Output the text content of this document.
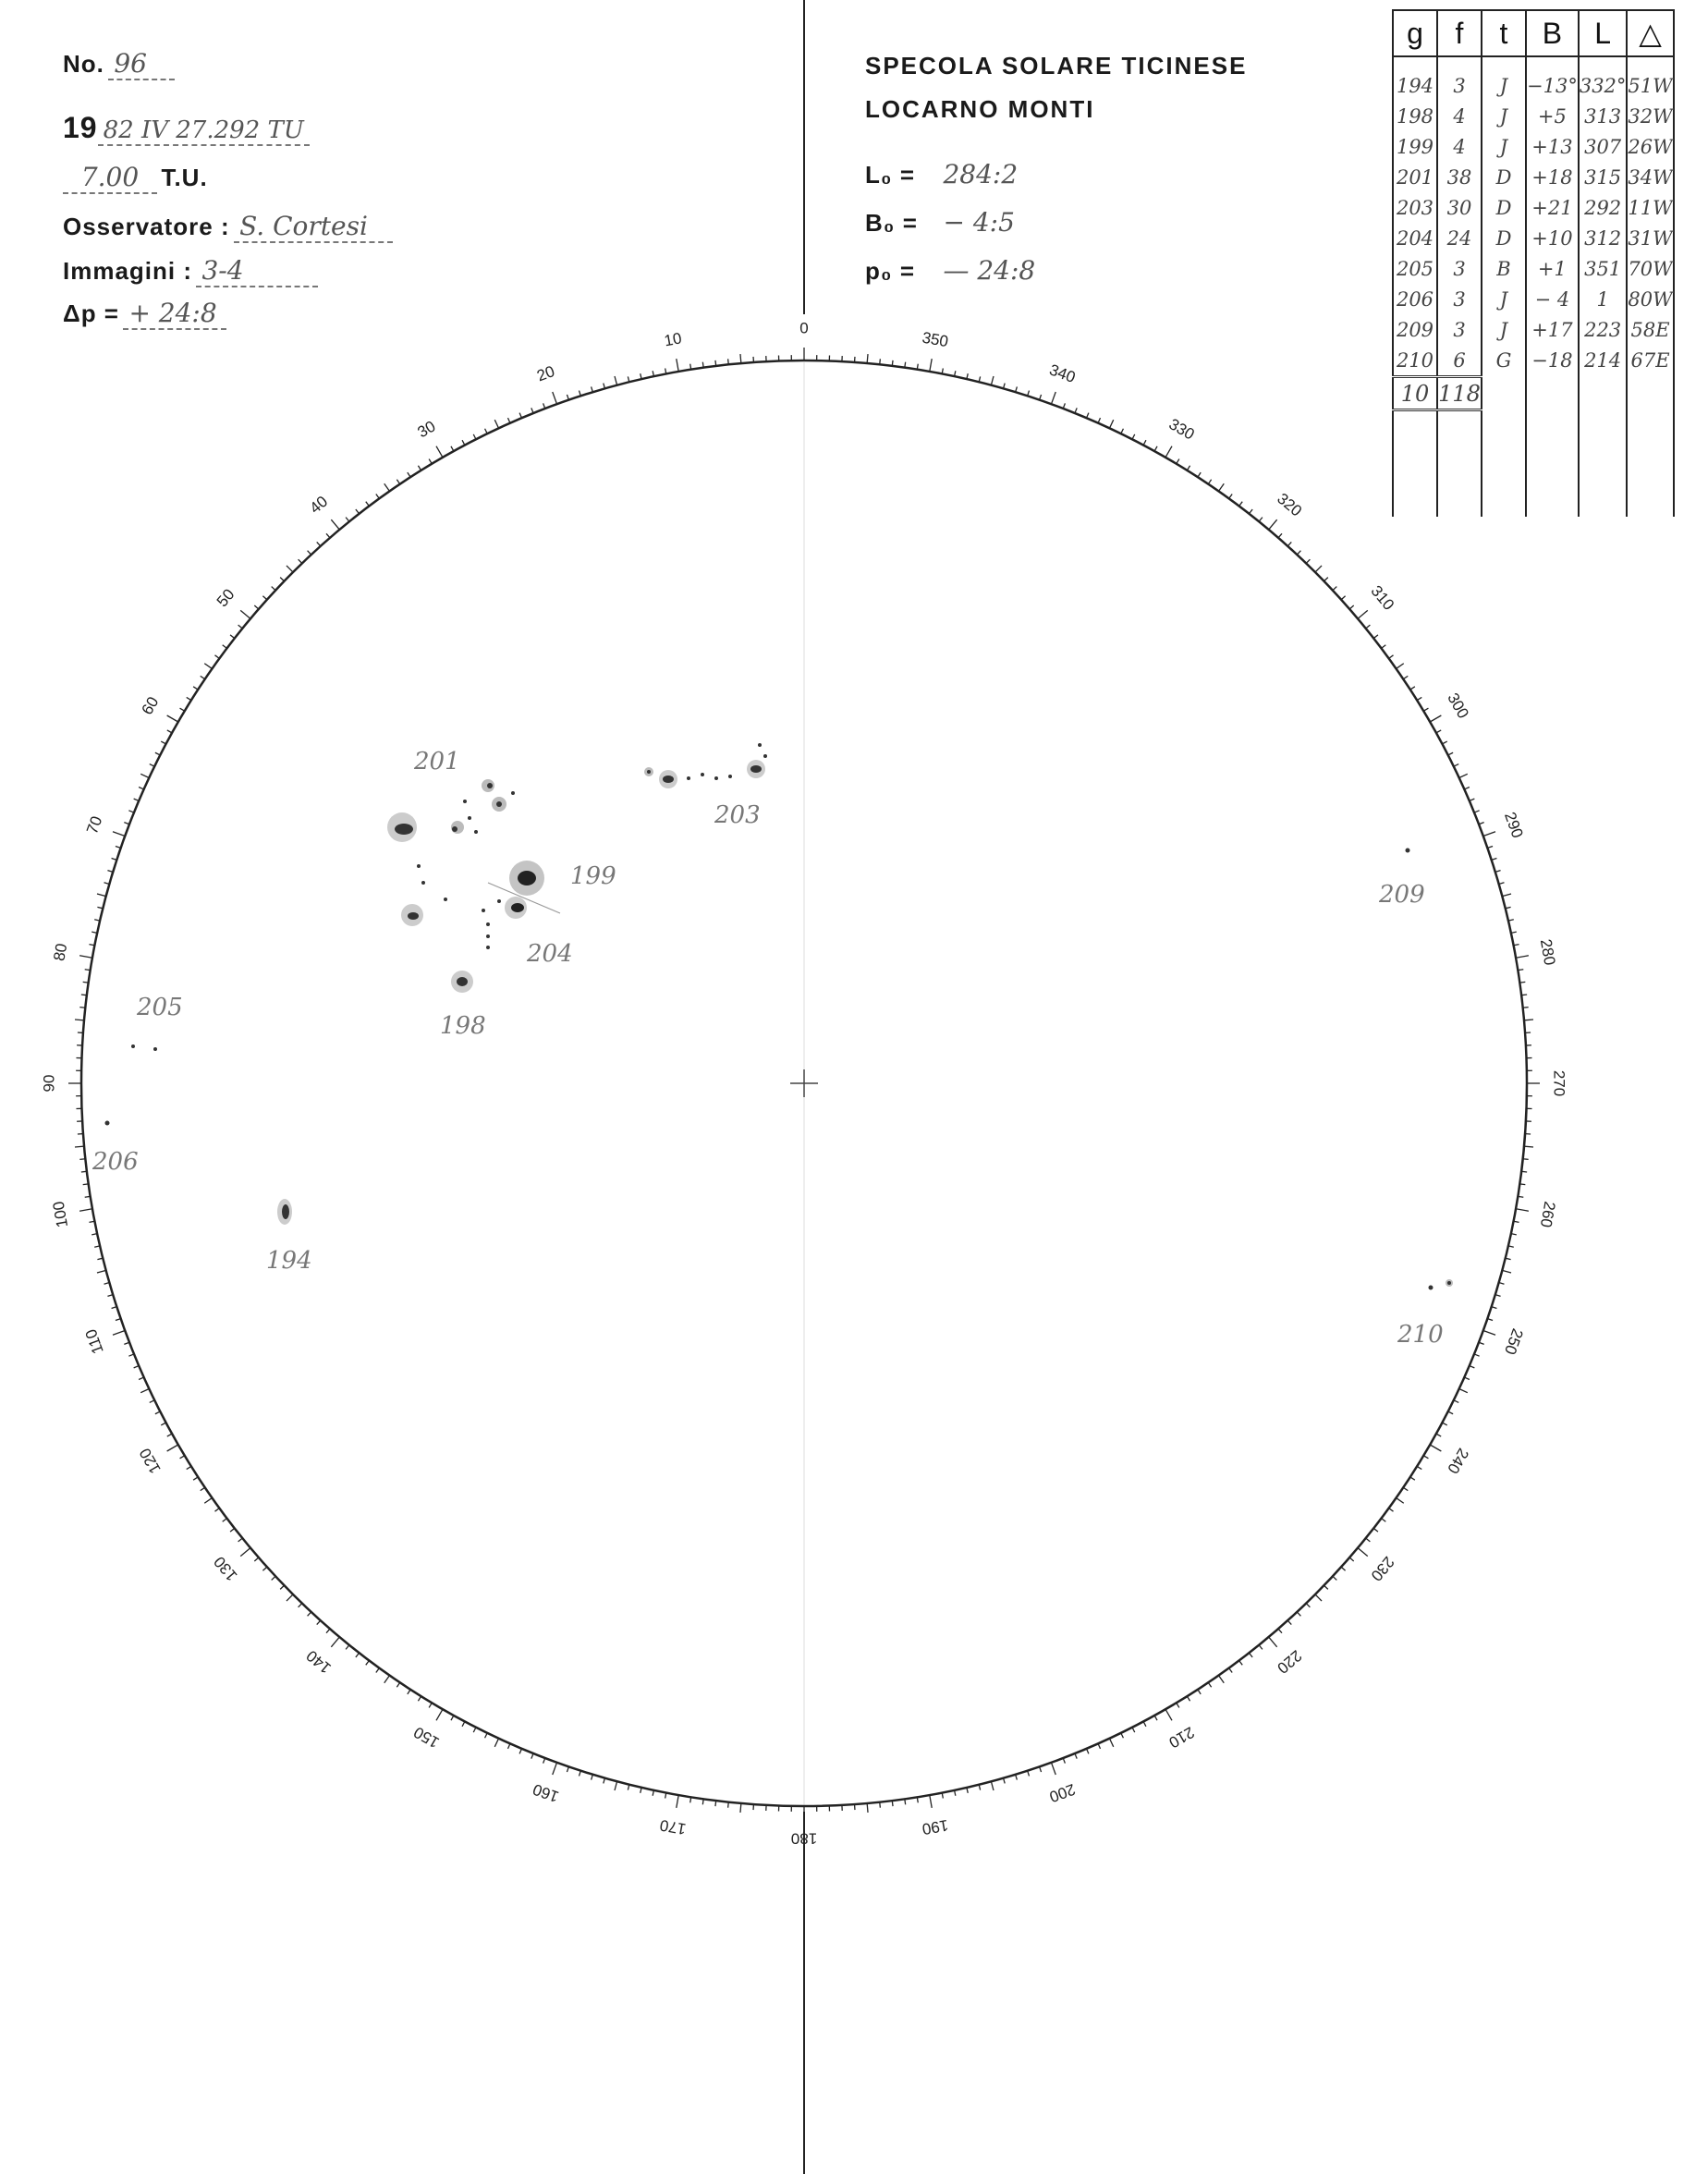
No. 96
19 82 IV 27.292 TU
7.00 T.U.
Osservatore : S. Cortesi
Immagini : 3-4
Δp = + 24:8
SPECOLA SOLARE TICINESE
LOCARNO MONTI
L₀ = 284:2
B₀ = − 4:5
p₀ = — 24:8
0
10
20
30
40
50
60
70
80
90
100
110
120
130
140
150
160
170
180
190
200
210
220
230
240
250
260
270
280
290
300
310
320
330
340
350
201
203
199
204
198
205
206
194
209
210
g	f	t	B	L	△
194	3	J	−13°	332°	51W
198	4	J	+5	313	32W
199	4	J	+13	307	26W
201	38	D	+18	315	34W
203	30	D	+21	292	11W
204	24	D	+10	312	31W
205	3	B	+1	351	70W
206	3	J	− 4	1	80W
209	3	J	+17	223	58E
210	6	G	−18	214	67E
10	118				
